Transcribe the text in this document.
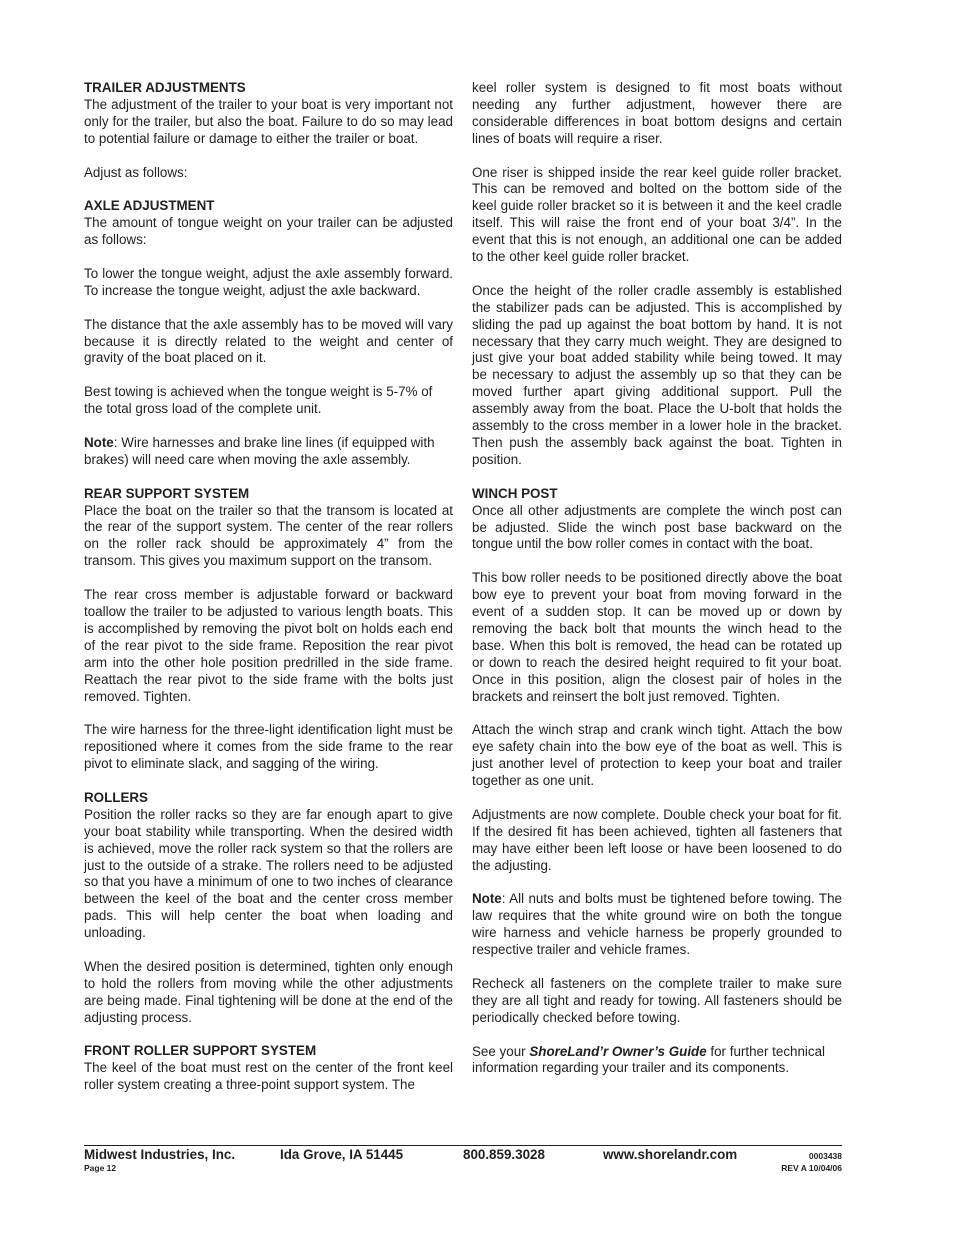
TRAILER ADJUSTMENTS

The adjustment of the trailer to your boat is very important not only for the trailer, but also the boat. Failure to do so may lead to potential failure or damage to either the trailer or boat.

Adjust as follows:

AXLE ADJUSTMENT

The amount of tongue weight on your trailer can be adjusted as follows:

To lower the tongue weight, adjust the axle assembly forward. To increase the tongue weight, adjust the axle backward.

The distance that the axle assembly has to be moved will vary because it is directly related to the weight and center of gravity of the boat placed on it.

Best towing is achieved when the tongue weight is 5-7% of the total gross load of the complete unit.

Note: Wire harnesses and brake line lines (if equipped with brakes) will need care when moving the axle assembly.

REAR SUPPORT SYSTEM

Place the boat on the trailer so that the transom is located at the rear of the support system. The center of the rear rollers on the roller rack should be approximately 4” from the transom. This gives you maximum support on the transom.

The rear cross member is adjustable forward or backward toallow the trailer to be adjusted to various length boats. This is accomplished by removing the pivot bolt on holds each end of the rear pivot to the side frame. Reposition the rear pivot arm into the other hole position predrilled in the side frame. Reattach the rear pivot to the side frame with the bolts just removed. Tighten.

The wire harness for the three-light identification light must be repositioned where it comes from the side frame to the rear pivot to eliminate slack, and sagging of the wiring.

ROLLERS

Position the roller racks so they are far enough apart to give your boat stability while transporting. When the desired width is achieved, move the roller rack system so that the rollers are just to the outside of a strake. The rollers need to be adjusted so that you have a minimum of one to two inches of clearance between the keel of the boat and the center cross member pads. This will help center the boat when loading and unloading.

When the desired position is determined, tighten only enough to hold the rollers from moving while the other adjustments are being made. Final tightening will be done at the end of the adjusting process.

FRONT ROLLER SUPPORT SYSTEM

The keel of the boat must rest on the center of the front keel roller system creating a three-point support system. The

keel roller system is designed to fit most boats without needing any further adjustment, however there are considerable differences in boat bottom designs and certain lines of boats will require a riser.

One riser is shipped inside the rear keel guide roller bracket. This can be removed and bolted on the bottom side of the keel guide roller bracket so it is between it and the keel cradle itself. This will raise the front end of your boat 3/4”. In the event that this is not enough, an additional one can be added to the other keel guide roller bracket.

Once the height of the roller cradle assembly is established the stabilizer pads can be adjusted. This is accomplished by sliding the pad up against the boat bottom by hand. It is not necessary that they carry much weight. They are designed to just give your boat added stability while being towed. It may be necessary to adjust the assembly up so that they can be moved further apart giving additional support. Pull the assembly away from the boat. Place the U-bolt that holds the assembly to the cross member in a lower hole in the bracket. Then push the assembly back against the boat. Tighten in position.

WINCH POST

Once all other adjustments are complete the winch post can be adjusted. Slide the winch post base backward on the tongue until the bow roller comes in contact with the boat.

This bow roller needs to be positioned directly above the boat bow eye to prevent your boat from moving forward in the event of a sudden stop. It can be moved up or down by removing the back bolt that mounts the winch head to the base. When this bolt is removed, the head can be rotated up or down to reach the desired height required to fit your boat. Once in this position, align the closest pair of holes in the brackets and reinsert the bolt just removed. Tighten.

Attach the winch strap and crank winch tight. Attach the bow eye safety chain into the bow eye of the boat as well. This is just another level of protection to keep your boat and trailer together as one unit.

Adjustments are now complete. Double check your boat for fit. If the desired fit has been achieved, tighten all fasteners that may have either been left loose or have been loosened to do the adjusting.

Note: All nuts and bolts must be tightened before towing. The law requires that the white ground wire on both the tongue wire harness and vehicle harness be properly grounded to respective trailer and vehicle frames.

Recheck all fasteners on the complete trailer to make sure they are all tight and ready for towing. All fasteners should be periodically checked before towing.

See your ShoreLand’r Owner’s Guide for further technical information regarding your trailer and its components.

Midwest Industries, Inc.	Ida Grove, IA 51445	800.859.3028	www.shorelandr.com
Page 12
0003438
REV A 10/04/06
